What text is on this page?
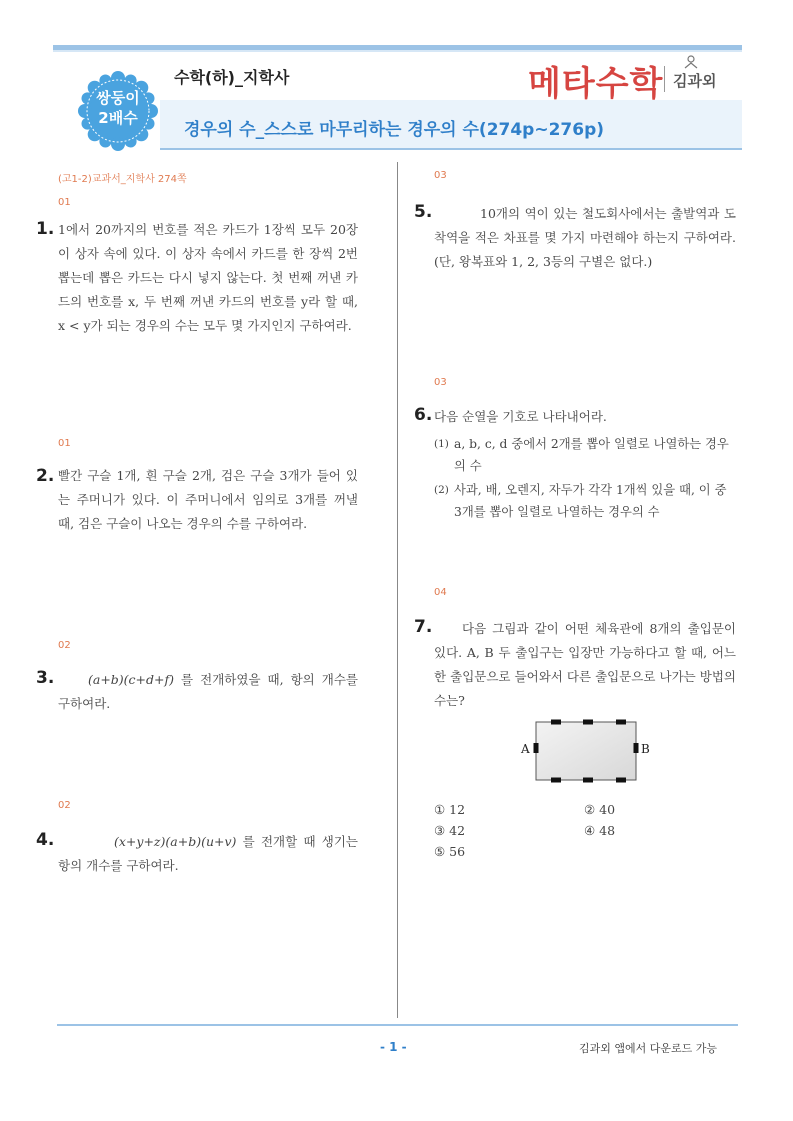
쌍둥이
2배수
수학(하)_지학사
경우의 수_스스로 마무리하는 경우의 수(274p~276p)
메타수학 김과외
(고1-2)교과서_지학사 274쪽
01
1. 1에서 20까지의 번호를 적은 카드가 1장씩 모두 20장이 상자 속에 있다. 이 상자 속에서 카드를 한 장씩 2번 뽑는데 뽑은 카드는 다시 넣지 않는다. 첫 번째 꺼낸 카드의 번호를 x, 두 번째 꺼낸 카드의 번호를 y라 할 때, x < y가 되는 경우의 수는 모두 몇 가지인지 구하여라.
01
2. 빨간 구슬 1개, 흰 구슬 2개, 검은 구슬 3개가 들어 있는 주머니가 있다. 이 주머니에서 임의로 3개를 꺼낼 때, 검은 구슬이 나오는 경우의 수를 구하여라.
02
3.	(a+b)(c+d+f) 를 전개하였을 때, 항의 개수를 구하여라.
02
4.	(x+y+z)(a+b)(u+v) 를 전개할 때 생기는 항의 개수를 구하여라.
03
5.	10개의 역이 있는 철도회사에서는 출발역과 도착역을 적은 차표를 몇 가지 마련해야 하는지 구하여라. (단, 왕복표와 1, 2, 3등의 구별은 없다.)
03
6. 다음 순열을 기호로 나타내어라.
(1) a, b, c, d 중에서 2개를 뽑아 일렬로 나열하는 경우의 수
(2) 사과, 배, 오렌지, 자두가 각각 1개씩 있을 때, 이 중 3개를 뽑아 일렬로 나열하는 경우의 수
04
7.	다음 그림과 같이 어떤 체육관에 8개의 출입문이 있다. A, B 두 출입구는 입장만 가능하다고 할 때, 어느 한 출입문으로 들어와서 다른 출입문으로 나가는 방법의 수는?
A	B
① 12	② 40
③ 42	④ 48
⑤ 56
- 1 -	김과외 앱에서 다운로드 가능
